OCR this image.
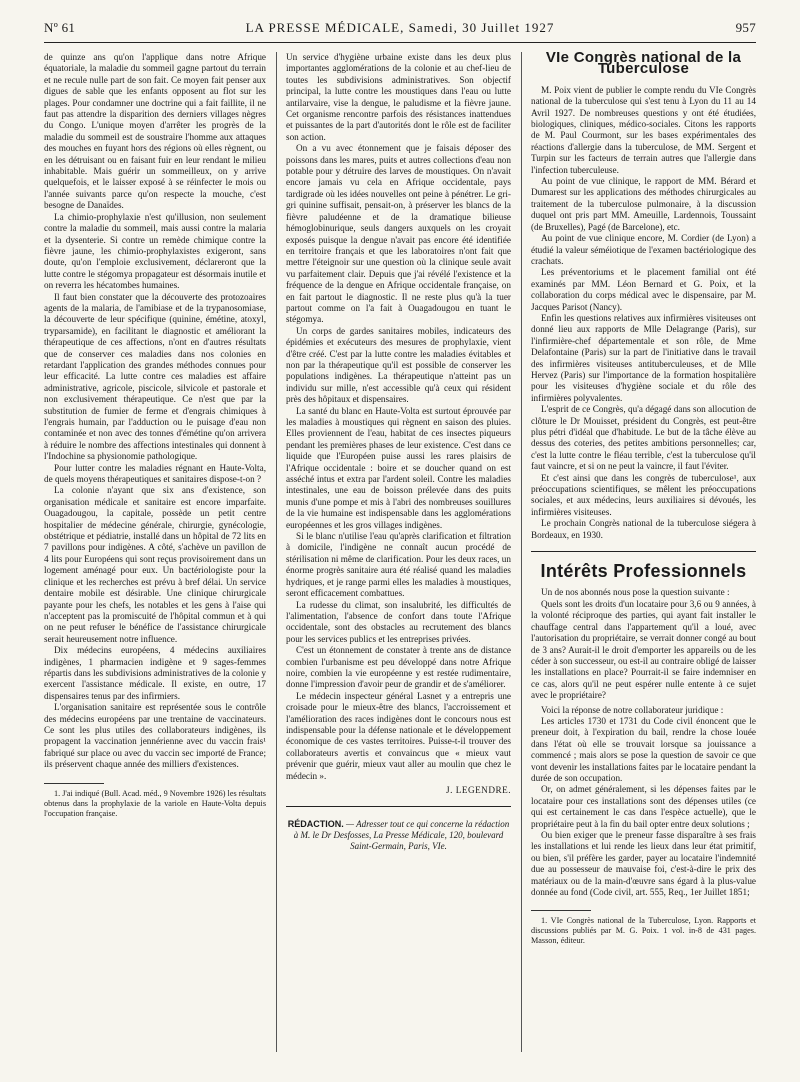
Nº 61	LA PRESSE MÉDICALE, Samedi, 30 Juillet 1927	957

de quinze ans qu'on l'applique dans notre Afrique équatoriale, la maladie du sommeil gagne partout du terrain et ne recule nulle part de son fait. Ce moyen fait penser aux digues de sable que les enfants opposent au flot sur les plages. Pour condamner une doctrine qui a fait faillite, il ne faut pas attendre la disparition des derniers villages nègres du Congo. L'unique moyen d'arrêter les progrès de la maladie du sommeil est de soustraire l'homme aux attaques des mouches en fuyant hors des régions où elles règnent, ou en les détruisant ou en faisant fuir en leur rendant le milieu inhabitable. Mais guérir un sommeilleux, on y arrive quelquefois, et le laisser exposé à se réinfecter le mois ou l'année suivants parce qu'on respecte la mouche, c'est besogne de Danaïdes.

La chimio-prophylaxie n'est qu'illusion, non seulement contre la maladie du sommeil, mais aussi contre la malaria et la dysenterie. Si contre un remède chimique contre la fièvre jaune, les chimio-prophylaxistes exigeront, sans doute, qu'on l'emploie exclusivement, déclareront que la lutte contre le stégomya propagateur est désormais inutile et on reverra les hécatombes humaines.

Il faut bien constater que la découverte des protozoaires agents de la malaria, de l'amibiase et de la trypanosomiase, la découverte de leur spécifique (quinine, émétine, atoxyl, tryparsamide), en facilitant le diagnostic et améliorant la thérapeutique de ces affections, n'ont en d'autres résultats que de conserver ces maladies dans nos colonies en retardant l'application des grandes méthodes connues pour leur efficacité. La lutte contre ces maladies est affaire administrative, agricole, piscicole, silvicole et pastorale et non exclusivement thérapeutique. Ce n'est que par la substitution de fumier de ferme et d'engrais chimiques à l'engrais humain, par l'adduction ou le puisage d'eau non contaminée et non avec des tonnes d'émétine qu'on arrivera à réduire le nombre des affections intestinales qui donnent à l'Indochine sa physionomie pathologique.

Pour lutter contre les maladies régnant en Haute-Volta, de quels moyens thérapeutiques et sanitaires dispose-t-on ?

La colonie n'ayant que six ans d'existence, son organisation médicale et sanitaire est encore imparfaite. Ouagadougou, la capitale, possède un petit centre hospitalier de médecine générale, chirurgie, gynécologie, obstétrique et pédiatrie, installé dans un hôpital de 72 lits en 7 pavillons pour indigènes. A côté, s'achève un pavillon de 4 lits pour Européens qui sont reçus provisoirement dans un logement aménagé pour eux. Un bactériologiste pour la clinique et les recherches est prévu à bref délai. Un service dentaire mobile est désirable. Une clinique chirurgicale payante pour les chefs, les notables et les gens à l'aise qui n'acceptent pas la promiscuité de l'hôpital commun et à qui on ne peut refuser le bénéfice de l'assistance chirurgicale serait heureusement notre influence.

Dix médecins européens, 4 médecins auxiliaires indigènes, 1 pharmacien indigène et 9 sages-femmes répartis dans les subdivisions administratives de la colonie y exercent l'assistance médicale. Il existe, en outre, 17 dispensaires tenus par des infirmiers.

L'organisation sanitaire est représentée sous le contrôle des médecins européens par une trentaine de vaccinateurs. Ce sont les plus utiles des collaborateurs indigènes, ils propagent la vaccination jennérienne avec du vaccin frais¹ fabriqué sur place ou avec du vaccin sec importé de France; ils préservent chaque année des milliers d'existences.

1. J'ai indiqué (Bull. Acad. méd., 9 Novembre 1926) les résultats obtenus dans la prophylaxie de la variole en Haute-Volta depuis l'occupation française.

Un service d'hygiène urbaine existe dans les deux plus importantes agglomérations de la colonie et au chef-lieu de toutes les subdivisions administratives. Son objectif principal, la lutte contre les moustiques dans l'eau ou lutte antilarvaire, vise la dengue, le paludisme et la fièvre jaune. Cet organisme rencontre parfois des résistances inattendues et puissantes de la part d'autorités dont le rôle est de faciliter son action.

On a vu avec étonnement que je faisais déposer des poissons dans les mares, puits et autres collections d'eau non potable pour y détruire des larves de moustiques. On n'avait encore jamais vu cela en Afrique occidentale, pays tardigrade où les idées nouvelles ont peine à pénétrer. Le gri-gri quinine suffisait, pensait-on, à préserver les blancs de la fièvre paludéenne et de la dramatique bilieuse hémoglobinurique, seuls dangers auxquels on les croyait exposés puisque la dengue n'avait pas encore été identifiée en territoire français et que les laboratoires n'ont fait que mettre l'éteignoir sur une question où la clinique seule avait vu parfaitement clair. Depuis que j'ai révélé l'existence et la fréquence de la dengue en Afrique occidentale française, on en fait partout le diagnostic. Il ne reste plus qu'à la tuer partout comme on l'a fait à Ouagadougou en tuant le stégomya.

Un corps de gardes sanitaires mobiles, indicateurs des épidémies et exécuteurs des mesures de prophylaxie, vient d'être créé. C'est par la lutte contre les maladies évitables et non par la thérapeutique qu'il est possible de conserver les populations indigènes. La thérapeutique n'atteint pas un individu sur mille, n'est accessible qu'à ceux qui résident près des hôpitaux et dispensaires.

La santé du blanc en Haute-Volta est surtout éprouvée par les maladies à moustiques qui règnent en saison des pluies. Elles proviennent de l'eau, habitat de ces insectes piqueurs pendant les premières phases de leur existence. C'est dans ce liquide que l'Européen puise aussi les rares plaisirs de l'Afrique occidentale : boire et se doucher quand on est asséché intus et extra par l'ardent soleil. Contre les maladies intestinales, une eau de boisson prélevée dans des puits munis d'une pompe et mis à l'abri des nombreuses souillures de la vie humaine est indispensable dans les agglomérations européennes et les gros villages indigènes.

Si le blanc n'utilise l'eau qu'après clarification et filtration à domicile, l'indigène ne connaît aucun procédé de stérilisation ni même de clarification. Pour les deux races, un énorme progrès sanitaire aura été réalisé quand les maladies hydriques, et je range parmi elles les maladies à moustiques, seront efficacement combattues.

La rudesse du climat, son insalubrité, les difficultés de l'alimentation, l'absence de confort dans toute l'Afrique occidentale, sont des obstacles au recrutement des blancs pour les services publics et les entreprises privées.

C'est un étonnement de constater à trente ans de distance combien l'urbanisme est peu développé dans notre Afrique noire, combien la vie européenne y est restée rudimentaire, donne l'impression d'avoir peur de grandir et de s'améliorer.

Le médecin inspecteur général Lasnet y a entrepris une croisade pour le mieux-être des blancs, l'accroissement et l'amélioration des races indigènes dont le concours nous est indispensable pour la défense nationale et le développement économique de ces vastes territoires. Puisse-t-il trouver des collaborateurs avertis et convaincus que « mieux vaut prévenir que guérir, mieux vaut aller au moulin que chez le médecin ».

J. LEGENDRE.
RÉDACTION. — Adresser tout ce qui concerne la rédaction à M. le Dr Desfosses, La Presse Médicale, 120, boulevard Saint-Germain, Paris, VIe.
VIe Congrès national de la Tuberculose

M. Poix vient de publier le compte rendu du VIe Congrès national de la tuberculose qui s'est tenu à Lyon du 11 au 14 Avril 1927. De nombreuses questions y ont été étudiées, biologiques, cliniques, médico-sociales. Citons les rapports de M. Paul Courmont, sur les bases expérimentales des réactions d'allergie dans la tuberculose, de MM. Sergent et Turpin sur les facteurs de terrain autres que l'allergie dans l'infection tuberculeuse.

Au point de vue clinique, le rapport de MM. Bérard et Dumarest sur les applications des méthodes chirurgicales au traitement de la tuberculose pulmonaire, à la discussion duquel ont pris part MM. Ameuille, Lardennois, Toussaint (de Bruxelles), Pagé (de Barcelone), etc.

Au point de vue clinique encore, M. Cordier (de Lyon) a étudié la valeur séméiotique de l'examen bactériologique des crachats.

Les préventoriums et le placement familial ont été examinés par MM. Léon Bernard et G. Poix, et la collaboration du corps médical avec le dispensaire, par M. Jacques Parisot (Nancy).

Enfin les questions relatives aux infirmières visiteuses ont donné lieu aux rapports de Mlle Delagrange (Paris), sur l'infirmière-chef départementale et son rôle, de Mme Delafontaine (Paris) sur la part de l'initiative dans le travail des infirmières visiteuses antituberculeuses, et de Mlle Hervez (Paris) sur l'importance de la formation hospitalière pour les visiteuses d'hygiène sociale et du rôle des infirmières polyvalentes.

L'esprit de ce Congrès, qu'a dégagé dans son allocution de clôture le Dr Mouisset, président du Congrès, est peut-être plus pétri d'idéal que d'habitude. Le but de la tâche élève au dessus des coteries, des petites ambitions personnelles; car, c'est la lutte contre le fléau terrible, c'est la tuberculose qu'il faut vaincre, et si on ne peut la vaincre, il faut l'éviter.

Et c'est ainsi que dans les congrès de tuberculose¹, aux préoccupations scientifiques, se mêlent les préoccupations sociales, et aux médecins, leurs auxiliaires si dévoués, les infirmières visiteuses.

Le prochain Congrès national de la tuberculose siégera à Bordeaux, en 1930.

Intérêts Professionnels

Un de nos abonnés nous pose la question suivante :

Quels sont les droits d'un locataire pour 3,6 ou 9 années, à la volonté réciproque des parties, qui ayant fait installer le chauffage central dans l'appartement qu'il a loué, avec l'autorisation du propriétaire, se verrait donner congé au bout de 3 ans? Aurait-il le droit d'emporter les appareils ou de les céder à son successeur, ou est-il au contraire obligé de laisser les installations en place? Pourrait-il se faire indemniser en ce cas, alors qu'il ne peut espérer nulle entente à ce sujet avec le propriétaire?

Voici la réponse de notre collaborateur juridique :

Les articles 1730 et 1731 du Code civil énoncent que le preneur doit, à l'expiration du bail, rendre la chose louée dans l'état où elle se trouvait lorsque sa jouissance a commencé ; mais alors se pose la question de savoir ce que vont devenir les installations faites par le locataire pendant la durée de son occupation.

Or, on admet généralement, si les dépenses faites par le locataire pour ces installations sont des dépenses utiles (ce qui est certainement le cas dans l'espèce actuelle), que le propriétaire peut à la fin du bail opter entre deux solutions ;

Ou bien exiger que le preneur fasse disparaître à ses frais les installations et lui rende les lieux dans leur état primitif, ou bien, s'il préfère les garder, payer au locataire l'indemnité due au possesseur de mauvaise foi, c'est-à-dire le prix des matériaux ou de la main-d'œuvre sans égard à la plus-value donnée au fond (Code civil, art. 555, Req., 1er Juillet 1851;

1. VIe Congrès national de la Tuberculose, Lyon. Rapports et discussions publiés par M. G. Poix. 1 vol. in-8 de 431 pages. Masson, éditeur.
